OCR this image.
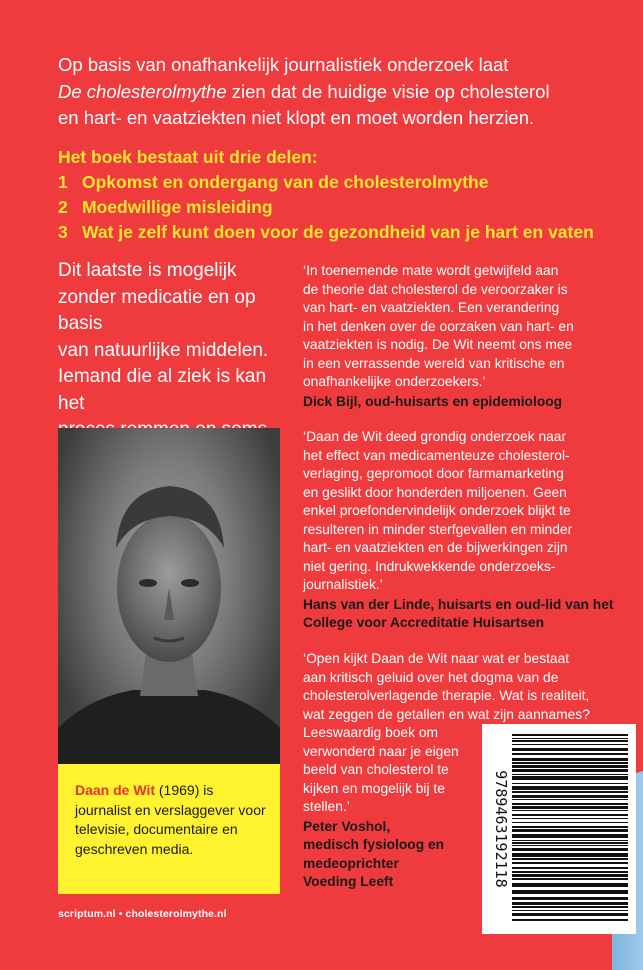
Op basis van onafhankelijk journalistiek onderzoek laat
De cholesterolmythe zien dat de huidige visie op cholesterol
en hart- en vaatziekten niet klopt en moet worden herzien.
Het boek bestaat uit drie delen:
1 Opkomst en ondergang van de cholesterolmythe
2 Moedwillige misleiding
3 Wat je zelf kunt doen voor de gezondheid van je hart en vaten
Dit laatste is mogelijk
zonder medicatie en op basis
van natuurlijke middelen.
Iemand die al ziek is kan het
Daan de Wit (1969) is journalist en verslaggever voor televisie, documentaire en geschreven media.
‘In toenemende mate wordt getwijfeld aan
de theorie dat cholesterol de veroorzaker is
van hart- en vaatziekten. Een verandering
in het denken over de oorzaken van hart- en
vaatziekten is nodig. De Wit neemt ons mee
in een verrassende wereld van kritische en
onafhankelijke onderzoekers.’
Dick Bijl, oud-huisarts en epidemioloog
‘Daan de Wit deed grondig onderzoek naar
het effect van medicamenteuze cholesterol-
verlaging, gepromoot door farmamarketing
en geslikt door honderden miljoenen. Geen
enkel proefondervindelijk onderzoek blijkt te
resulteren in minder sterfgevallen en minder
hart- en vaatziekten en de bijwerkingen zijn
niet gering. Indrukwekkende onderzoeks-
journalistiek.’
Hans van der Linde, huisarts en oud-lid van het College voor Accreditatie Huisartsen
‘Open kijkt Daan de Wit naar wat er bestaat
aan kritisch geluid over het dogma van de
cholesterolverlagende therapie. Wat is realiteit,
wat zeggen de getallen en wat zijn aannames?
Leeswaardig boek om
verwonderd naar je eigen
beeld van cholesterol te
kijken en mogelijk bij te
stellen.’
Peter Voshol,
medisch fysioloog en
medeoprichter
Voeding Leeft	9789463192118
scriptum.nl • cholesterolmythe.nl
